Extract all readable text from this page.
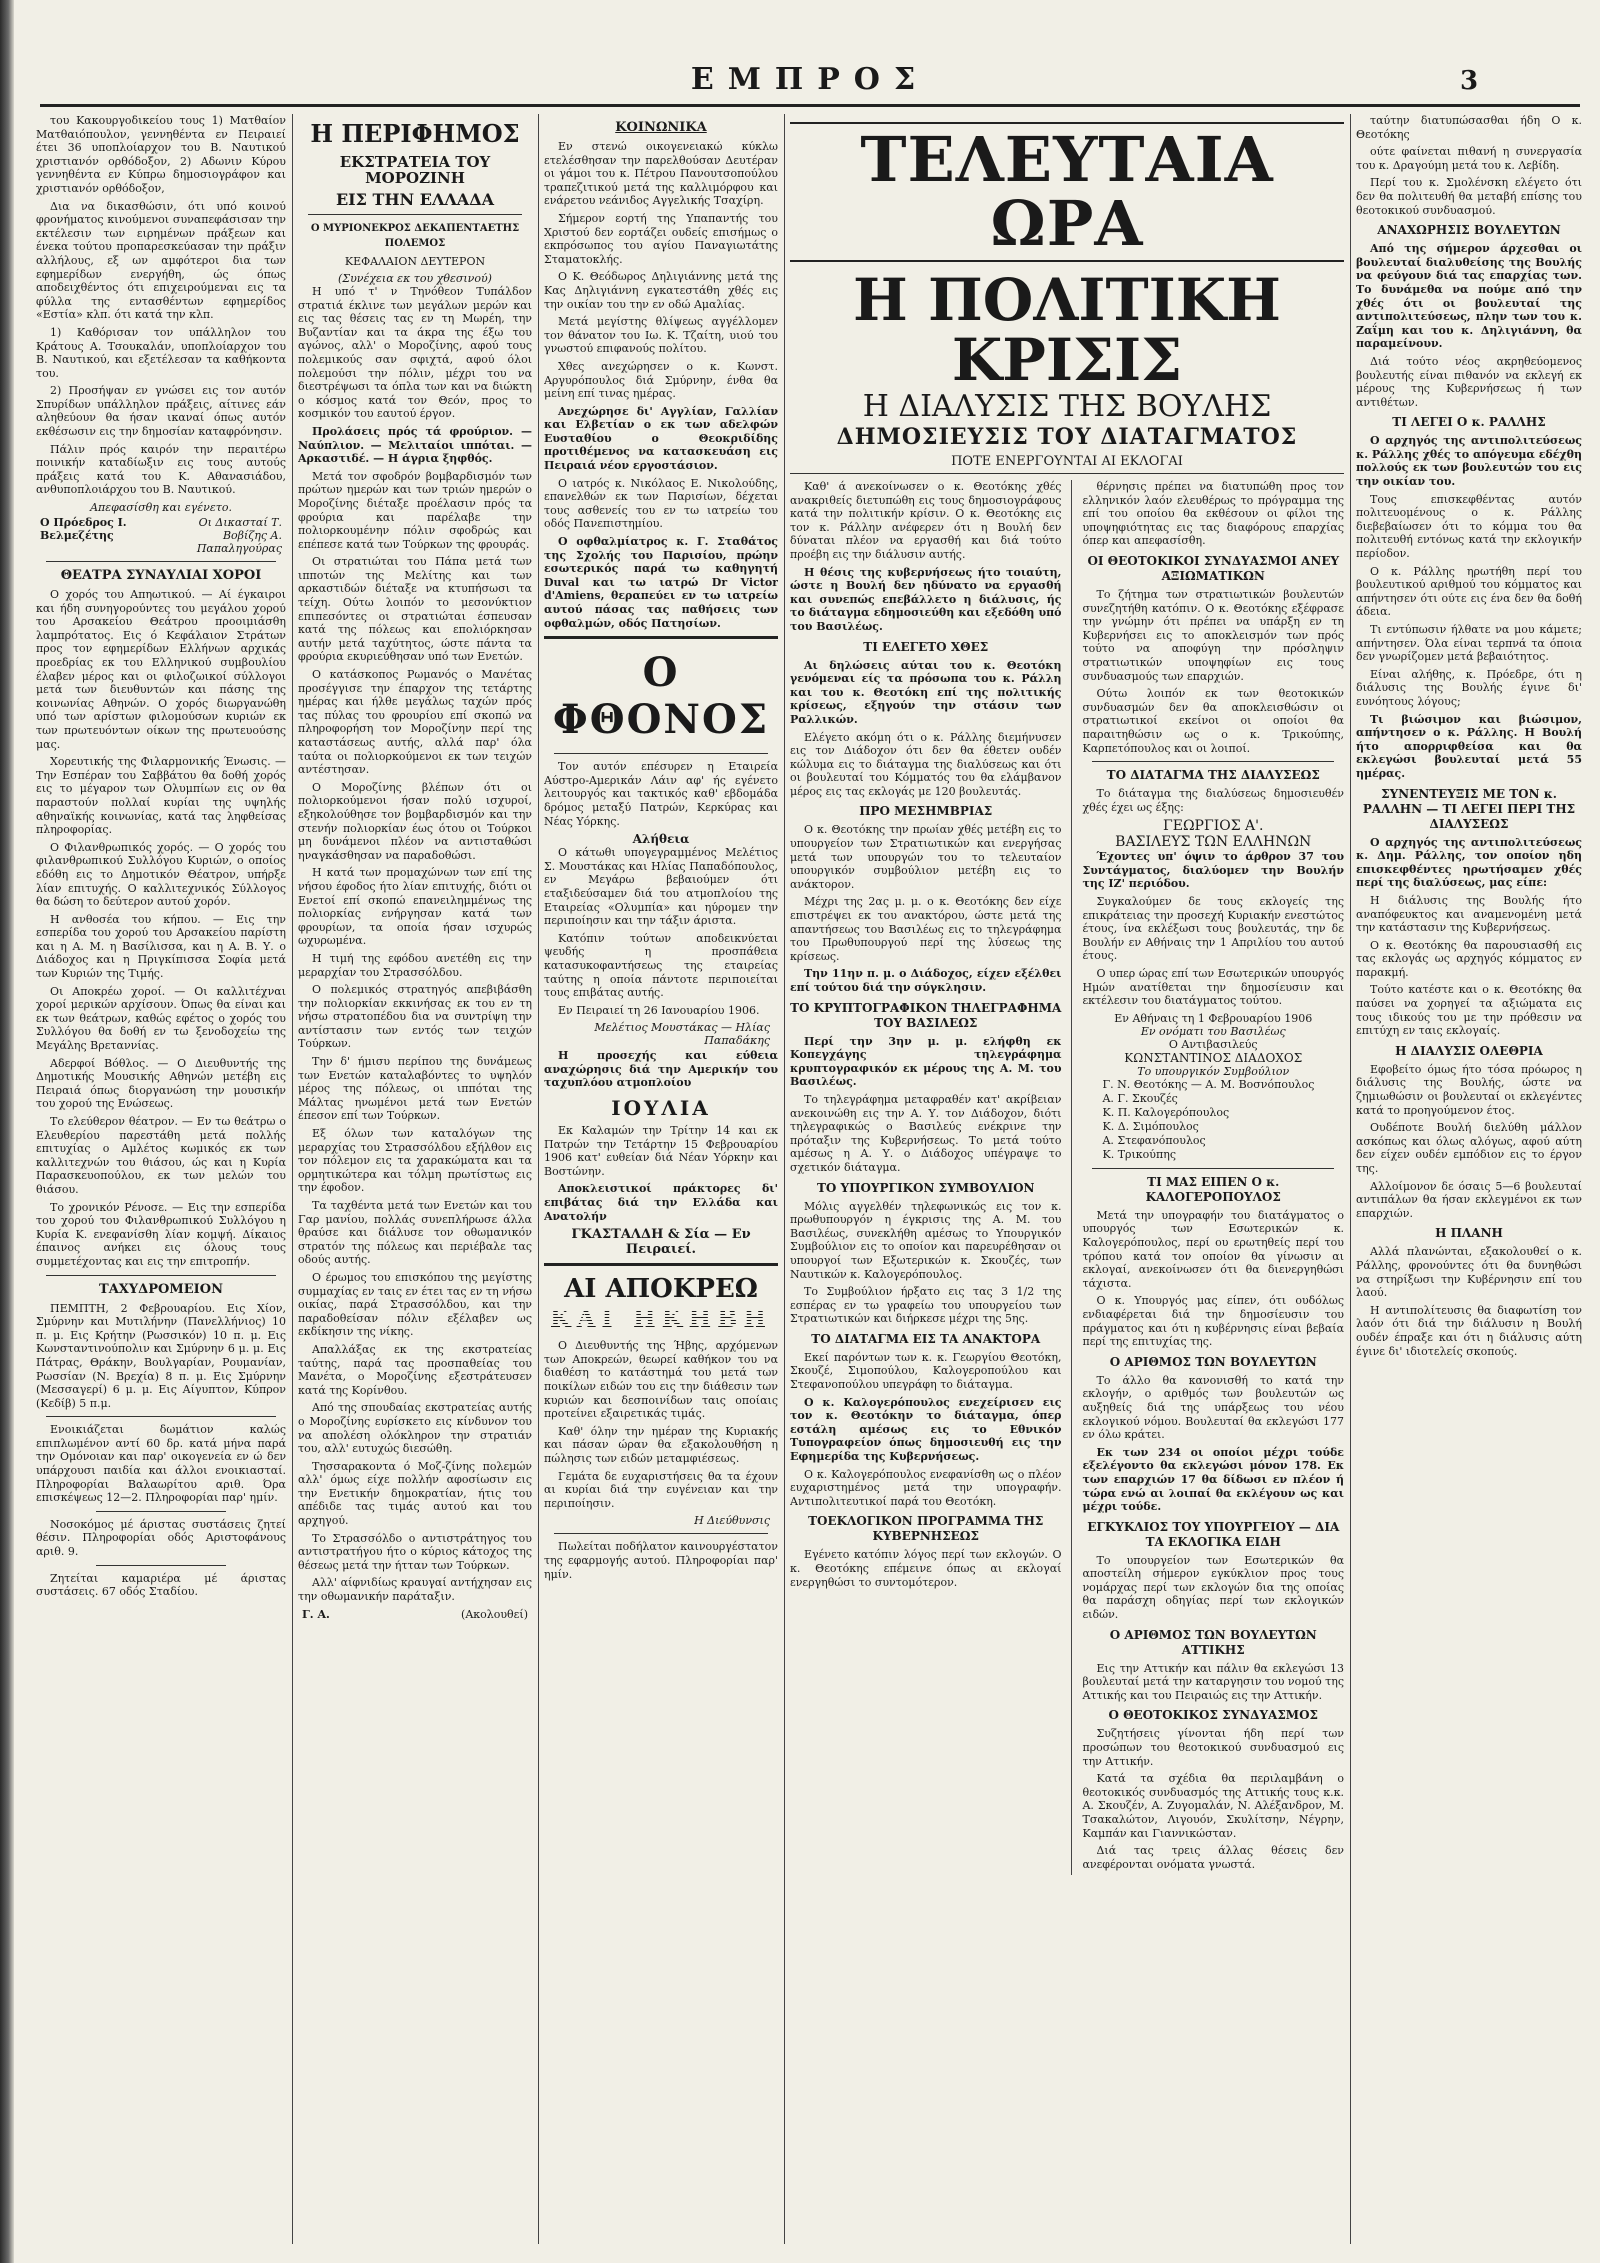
ΕΜΠΡΟΣ	3

του Κακουργοδικείου τους 1) Ματθαίον Ματθαιόπουλον, γεννηθέντα εν Πειραιεί έτει 36 υποπλοίαρχον του Β. Ναυτικού χριστιανόν ορθόδοξον, 2) Αδωνιν Κύρου γεννηθέντα εν Κύπρω δημοσιογράφον και χριστιανόν ορθόδοξον,

Δια να δικασθώσιν, ότι υπό κοινού φρονήματος κινούμενοι συναπεφάσισαν την εκτέλεσιν των ειρημένων πράξεων και ένεκα τούτου προπαρεσκεύασαν την πράξιν αλλήλους, εξ ων αμφότεροι δια των εφημερίδων ενεργήθη, ώς όπως αποδειχθέντος ότι επιχειρούμεναι εις τα φύλλα της εντασθέντων εφημερίδος «Εστία» κλπ. ότι κατά την κλπ.

1) Καθόρισαν τον υπάλληλον του Κράτους Α. Τσουκαλάν, υποπλοίαρχον του Β. Ναυτικού, και εξετέλεσαν τα καθήκοντα του.

2) Προσήψαν εν γνώσει εις τον αυτόν Σπυρίδων υπάλληλον πράξεις, αίτινες εάν αληθεύουν θα ήσαν ικαναί όπως αυτόν εκθέσωσιν εις την δημοσίαν καταφρόνησιν.

Πάλιν πρός καιρόν την περαιτέρω ποινικήν καταδίωξιν εις τους αυτούς πράξεις κατά του Κ. Αθανασιάδου, ανθυποπλοιάρχου του Β. Ναυτικού.

Απεφασίσθη και εγένετο.
Ο Πρόεδρος Ι. Βελμεζέτης
Οι Δικασταί Τ. Βοβίζης Α. Παπαληγούρας
ΘΕΑΤΡΑ ΣΥΝΑΥΛΙΑΙ ΧΟΡΟΙ

Ο χορός του Απηωτικού. — Αί έγκαιροι και ήδη συνηγορούντες του μεγάλου χορού του Αρσακείου Θεάτρου προοιμιάσθη λαμπρότατος. Εις ό Κεφάλαιον Στράτων προς τον εφημερίδων Ελλήνων αρχικάς προεδρίας εκ του Ελληνικού συμβουλίου έλαβεν μέρος και οι φιλοζωικοί σύλλογοι μετά των διευθυντών και πάσης της κοινωνίας Αθηνών. Ο χορός διωργανώθη υπό των αρίστων φιλομούσων κυριών εκ των πρωτευόντων οίκων της πρωτευούσης μας.

Χορευτικής της Φιλαρμονικής Ένωσις. — Την Εσπέραν του Σαββάτου θα δοθή χορός εις το μέγαρον των Ολυμπίων εις ον θα παραστούν πολλαί κυρίαι της υψηλής αθηναϊκής κοινωνίας, κατά τας ληφθείσας πληροφορίας.

Ο Φιλανθρωπικός χορός. — Ο χορός του φιλανθρωπικού Συλλόγου Κυριών, ο οποίος εδόθη εις το Δημοτικόν Θέατρον, υπήρξε λίαν επιτυχής. Ο καλλιτεχνικός Σύλλογος θα δώση το δεύτερον αυτού χορόν.

Η ανθοσέα του κήπου. — Εις την εσπερίδα του χορού του Αρσακείου παρίστη και η Α. Μ. η Βασίλισσα, και η Α. Β. Υ. ο Διάδοχος και η Πριγκίπισσα Σοφία μετά των Κυριών της Τιμής.

Οι Αποκρέω χοροί. — Οι καλλιτέχναι χοροί μερικών αρχίσουν. Όπως θα είναι και εκ των θεάτρων, καθώς εφέτος ο χορός του Συλλόγου θα δοθή εν τω ξενοδοχείω της Μεγάλης Βρεταννίας.

Αδερφοί Βόθλος. — Ο Διευθυντής της Δημοτικής Μουσικής Αθηνών μετέβη εις Πειραιά όπως διοργανώση την μουσικήν του χορού της Ενώσεως.

Το ελεύθερον θέατρον. — Εν τω θεάτρω ο Ελευθερίου παρεστάθη μετά πολλής επιτυχίας ο Αμλέτος κωμικός εκ των καλλιτεχνών του θιάσου, ώς και η Κυρία Παρασκευοπούλου, εκ των μελών του θιάσου.

Το χρονικόν Ρένοσε. — Εις την εσπερίδα του χορού του Φιλανθρωπικού Συλλόγου η Κυρία Κ. ενεφανίσθη λίαν κομψή. Δίκαιος έπαινος ανήκει εις όλους τους συμμετέχοντας και εις την επιτροπήν.

ΤΑΧΥΔΡΟΜΕΙΟΝ

ΠΕΜΠΤΗ, 2 Φεβρουαρίου. Εις Χίον, Σμύρνην και Μυτιλήνην (Πανελλήνιος) 10 π. μ. Εις Κρήτην (Ρωσσικόν) 10 π. μ. Εις Κωνσταντινούπολιν και Σμύρνην 6 μ. μ. Εις Πάτρας, Θράκην, Βουλγαρίαν, Ρουμανίαν, Ρωσσίαν (Ν. Βρεχία) 8 π. μ. Εις Σμύρνην (Μεσσαγερί) 6 μ. μ. Εις Αίγυπτον, Κύπρον (Κεδίβ) 5 π.μ.

Ενοικιάζεται δωμάτιον καλώς επιπλωμένον αντί 60 δρ. κατά μήνα παρά την Ομόνοιαν και παρ' οικογενεία εν ώ δεν υπάρχουσι παιδία και άλλοι ενοικιασταί. Πληροφορίαι Βαλαωρίτου αριθ. Όρα επισκέψεως 12—2. Πληροφορίαι παρ' ημίν.

Νοσοκόμος μέ άριστας συστάσεις ζητεί θέσιν. Πληροφορίαι οδός Αριστοφάνους αριθ. 9.

Ζητείται καμαριέρα μέ άριστας συστάσεις. 67 οδός Σταδίου.

Η ΠΕΡΙΦΗΜΟΣ
ΕΚΣΤΡΑΤΕΙΑ ΤΟΥ ΜΟΡΟΖΙΝΗ
ΕΙΣ ΤΗΝ ΕΛΛΑΔΑ
Ο ΜΥΡΙΟΝΕΚΡΟΣ ΔΕΚΑΠΕΝΤΑΕΤΗΣ ΠΟΛΕΜΟΣ
ΚΕΦΑΛΑΙΟΝ ΔΕΥΤΕΡΟΝ
(Συνέχεια εκ του χθεσινού)

Η υπό τ' ν Τηνόθεον Τυπάλδον στρατιά έκλινε των μεγάλων μερών και εις τας θέσεις τας εν τη Μωρέη, την Βυζαντίαν και τα άκρα της έξω του αγώνος, αλλ' ο Μοροζίνης, αφού τους πολεμικούς σαν σφιχτά, αφού όλοι πολεμούσι την πόλιν, μέχρι του να διεστρέψωσι τα όπλα των και να διώκτη ο κόσμος κατά τον Θεόν, προς το κοσμικόν του εαυτού έργον.

Προλάσεις πρός τά φρούριον. — Ναύπλιον. — Μελιταίοι ιππόται. — Αρκαστιδέ. — Η άγρια ξηφθός.

Μετά τον σφοδρόν βομβαρδισμόν των πρώτων ημερών και των τριών ημερών ο Μοροζίνης διέταξε προέλασιν πρός τα φρούρια και παρέλαβε την πολιορκουμένην πόλιν σφοδρώς και επέπεσε κατά των Τούρκων της φρουράς.

Οι στρατιώται του Πάπα μετά των ιπποτών της Μελίτης και των αρκαστιδών διέταξε να κτυπήσωσι τα τείχη. Ούτω λοιπόν το μεσονύκτιον επιπεσόντες οι στρατιώται έσπευσαν κατά της πόλεως και επολιόρκησαν αυτήν μετά ταχύτητος, ώστε πάντα τα φρούρια εκυριεύθησαν υπό των Ενετών.

Ο κατάσκοπος Ρωμανός ο Μανέτας προσέγγισε την έπαρχον της τετάρτης ημέρας και ήλθε μεγάλως ταχών πρός τας πύλας του φρουρίου επί σκοπώ να πληροφορήση τον Μοροζίνην περί της καταστάσεως αυτής, αλλά παρ' όλα ταύτα οι πολιορκούμενοι εκ των τειχών αντέστησαν.

Ο Μοροζίνης βλέπων ότι οι πολιορκούμενοι ήσαν πολύ ισχυροί, εξηκολούθησε τον βομβαρδισμόν και την στενήν πολιορκίαν έως ότου οι Τούρκοι μη δυνάμενοι πλέον να αντισταθώσι ηναγκάσθησαν να παραδοθώσι.

Η κατά των προμαχώνων των επί της νήσου έφοδος ήτο λίαν επιτυχής, διότι οι Ενετοί επί σκοπώ επανειλημμένως της πολιορκίας ενήργησαν κατά των φρουρίων, τα οποία ήσαν ισχυρώς ωχυρωμένα.

Η τιμή της εφόδου ανετέθη εις την μεραρχίαν του Στρασσόλδου.

Ο πολεμικός στρατηγός απεβιβάσθη την πολιορκίαν εκκινήσας εκ του εν τη νήσω στρατοπέδου δια να συντρίψη την αντίστασιν των εντός των τειχών Τούρκων.

Την δ' ήμισυ περίπου της δυνάμεως των Ενετών καταλαβόντες το υψηλόν μέρος της πόλεως, οι ιππόται της Μάλτας ηνωμένοι μετά των Ενετών έπεσον επί των Τούρκων.

Εξ όλων των καταλόγων της μεραρχίας του Στρασσόλδου εξήλθον εις τον πόλεμον εις τα χαρακώματα και τα ορμητικώτερα και τόλμη πρωτίστως εις την έφοδον.

Τα ταχθέντα μετά των Ενετών και του Γαρ μανίου, πολλάς συνεπλήρωσε άλλα θραύσε και διάλυσε τον οθωμανικόν στρατόν της πόλεως και περιέβαλε τας οδούς αυτής.

Ο έρωμος του επισκόπου της μεγίστης συμμαχίας εν ταις εν έτει τας εν τη νήσω οικίας, παρά Στρασσόλδου, και την παραδοθείσαν πόλιν εξέλαβεν ως εκδίκησιν της νίκης.

Απαλλάξας εκ της εκστρατείας ταύτης, παρά τας προσπαθείας του Μανέτα, ο Μοροζίνης εξεστράτευσεν κατά της Κορίνθου.

Από της σπουδαίας εκστρατείας αυτής ο Μοροζίνης ευρίσκετο εις κίνδυνον του να απολέση ολόκληρον την στρατιάν του, αλλ' ευτυχώς διεσώθη.

Τησσαρακοντα ό Μοζ-ζίνης πολεμών αλλ' όμως είχε πολλήν αφοσίωσιν εις την Ενετικήν δημοκρατίαν, ήτις του απέδιδε τας τιμάς αυτού και του αρχηγού.

Το Στρασσόλδο ο αντιστράτηγος του αντιστρατήγου ήτο ο κύριος κάτοχος της θέσεως μετά την ήτταν των Τούρκων.

Αλλ' αίφνιδίως κραυγαί αντήχησαν εις την οθωμανικήν παράταξιν.

Γ. Α.	(Ακολουθεί)
ΚΟΙΝΩΝΙΚΑ

Εν στενώ οικογενειακώ κύκλω ετελέσθησαν την παρελθούσαν Δευτέραν οι γάμοι του κ. Πέτρου Πανουτσοπούλου τραπεζιτικού μετά της καλλιμόρφου και ενάρετου νεάνιδος Αγγελικής Τσαχίρη.

Σήμερον εορτή της Υπαπαντής του Χριστού δεν εορτάζει ουδείς επισήμως ο εκπρόσωπος του αγίου Παναγιωτάτης Σταματοκλής.

Ο Κ. Θεόδωρος Δηλιγιάννης μετά της Κας Δηλιγιάννη εγκατεστάθη χθές εις την οικίαν του την εν οδώ Αμαλίας.

Μετά μεγίστης θλίψεως αγγέλλομεν τον θάνατον του Ιω. Κ. Τζαίτη, υιού του γνωστού επιφανούς πολίτου.

Χθες ανεχώρησεν ο κ. Κωνστ. Αργυρόπουλος διά Σμύρνην, ένθα θα μείνη επί τινας ημέρας.

Ανεχώρησε δι' Αγγλίαν, Γαλλίαν και Ελβετίαν ο εκ των αδελφών Ευσταθίου ο Θεοκριδίδης προτιθέμενος να κατασκευάση εις Πειραιά νέον εργοστάσιον.

Ο ιατρός κ. Νικόλαος Ε. Νικολούδης, επανελθών εκ των Παρισίων, δέχεται τους ασθενείς του εν τω ιατρείω του οδός Πανεπιστημίου.

Ο οφθαλμίατρος κ. Γ. Σταθάτος της Σχολής του Παρισίου, πρώην εσωτερικός παρά τω καθηγητή Duval και τω ιατρώ Dr Victor d'Amiens, θεραπεύει εν τω ιατρείω αυτού πάσας τας παθήσεις των οφθαλμών, οδός Πατησίων.

Ο ΦΘΟΝΟΣ

Τον αυτόν επέσυρεν η Εταιρεία Αύστρο-Αμερικάν Λάιν αφ' ής εγένετο λειτουργός και τακτικός καθ' εβδομάδα δρόμος μεταξύ Πατρών, Κερκύρας και Νέας Υόρκης.

Αλήθεια

Ο κάτωθι υπογεγραμμένος Μελέτιος Σ. Μουστάκας και Ηλίας Παπαδόπουλος, εν Μεγάρω βεβαιούμεν ότι εταξιδεύσαμεν διά του ατμοπλοίου της Εταιρείας «Ολυμπία» και ηύρομεν την περιποίησιν και την τάξιν άριστα.

Κατόπιν τούτων αποδεικνύεται ψευδής η προσπάθεια κατασυκοφαντήσεως της εταιρείας ταύτης η οποία πάντοτε περιποιείται τους επιβάτας αυτής.

Εν Πειραιεί τη 26 Ιανουαρίου 1906.

Μελέτιος Μουστάκας — Ηλίας Παπαδάκης

Η προσεχής και εύθεια αναχώρησις διά την Αμερικήν του ταχυπλόου ατμοπλοίου

ΙΟΥΛΙΑ

Εκ Καλαμών την Τρίτην 14 και εκ Πατρών την Τετάρτην 15 Φεβρουαρίου 1906 κατ' ευθείαν διά Νέαν Υόρκην και Βοστώνην.

Αποκλειστικοί πράκτορες δι' επιβάτας διά την Ελλάδα και Ανατολήν

ΓΚΑΣΤΑΛΔΗ & Σία — Εν Πειραιεί.
ΑΙ ΑΠΟΚΡΕΩ
ΚΑΙ ΗΚΗΒΗ

Ο Διευθυντής της Ήβης, αρχόμενων των Αποκρεών, θεωρεί καθήκον του να διαθέση το κατάστημά του μετά των ποικίλων ειδών του εις την διάθεσιν των κυριών και δεσποινίδων ταις οποίαις προτείνει εξαιρετικάς τιμάς.

Καθ' όλην την ημέραν της Κυριακής και πάσαν ώραν θα εξακολουθήση η πώλησις των ειδών μεταμφιέσεως.

Γεμάτα δε ευχαριστήσεις θα τα έχουν αι κυρίαι διά την ευγένειαν και την περιποίησιν.

Η Διεύθυνσις

Πωλείται ποδήλατον καινουργέστατον της εφαρμογής αυτού. Πληροφορίαι παρ' ημίν.

ΤΕΛΕΥΤΑΙΑ ΩΡΑ
Η ΠΟΛΙΤΙΚΗ ΚΡΙΣΙΣ
Η ΔΙΑΛΥΣΙΣ ΤΗΣ ΒΟΥΛΗΣ
ΔΗΜΟΣΙΕΥΣΙΣ ΤΟΥ ΔΙΑΤΑΓΜΑΤΟΣ
ΠΟΤΕ ΕΝΕΡΓΟΥΝΤΑΙ ΑΙ ΕΚΛΟΓΑΙ

Καθ' ά ανεκοίνωσεν ο κ. Θεοτόκης χθές ανακριθείς διετυπώθη εις τους δημοσιογράφους κατά την πολιτικήν κρίσιν. Ο κ. Θεοτόκης εις τον κ. Ράλλην ανέφερεν ότι η Βουλή δεν δύναται πλέον να εργασθή και διά τούτο προέβη εις την διάλυσιν αυτής.

Η θέσις της κυβερνήσεως ήτο τοιαύτη, ώστε η Βουλή δεν ηδύνατο να εργασθή και συνεπώς επεβάλλετο η διάλυσις, ής το διάταγμα εδημοσιεύθη και εξεδόθη υπό του Βασιλέως.

ΤΙ ΕΛΕΓΕΤΟ ΧΘΕΣ

Αι δηλώσεις αύται του κ. Θεοτόκη γενόμεναι είς τα πρόσωπα του κ. Ράλλη και του κ. Θεοτόκη επί της πολιτικής κρίσεως, εξηγούν την στάσιν των Ραλλικών.

Ελέγετο ακόμη ότι ο κ. Ράλλης διεμήνυσεν εις τον Διάδοχον ότι δεν θα έθετεν ουδέν κώλυμα εις το διάταγμα της διαλύσεως και ότι οι βουλευταί του Κόμματός του θα ελάμβανον μέρος εις τας εκλογάς με 120 βουλευτάς.

ΠΡΟ ΜΕΣΗΜΒΡΙΑΣ

Ο κ. Θεοτόκης την πρωίαν χθές μετέβη εις το υπουργείον των Στρατιωτικών και ενεργήσας μετά των υπουργών του το τελευταίον υπουργικόν συμβούλιον μετέβη εις το ανάκτορον.

Μέχρι της 2ας μ. μ. ο κ. Θεοτόκης δεν είχε επιστρέψει εκ του ανακτόρου, ώστε μετά της απαντήσεως του Βασιλέως εις το τηλεγράφημα του Πρωθυπουργού περί της λύσεως της κρίσεως.

Την 11ην π. μ. ο Διάδοχος, είχεν εξέλθει επί τούτου διά την σύγκλησιν.

ΤΟ ΚΡΥΠΤΟΓΡΑΦΙΚΟΝ ΤΗΛΕΓΡΑΦΗΜΑ ΤΟΥ ΒΑΣΙΛΕΩΣ

Περί την 3ην μ. μ. ελήφθη εκ Κοπεγχάγης τηλεγράφημα κρυπτογραφικόν εκ μέρους της Α. Μ. του Βασιλέως.

Το τηλεγράφημα μεταφραθέν κατ' ακρίβειαν ανεκοινώθη εις την Α. Υ. τον Διάδοχον, διότι τηλεγραφικώς ο Βασιλεύς ενέκρινε την πρόταξιν της Κυβερνήσεως. Το μετά τούτο αμέσως η Α. Υ. ο Διάδοχος υπέγραψε το σχετικόν διάταγμα.

ΤΟ ΥΠΟΥΡΓΙΚΟΝ ΣΥΜΒΟΥΛΙΟΝ

Μόλις αγγελθέν τηλεφωνικώς εις τον κ. πρωθυπουργόν η έγκρισις της Α. Μ. του Βασιλέως, συνεκλήθη αμέσως το Υπουργικόν Συμβούλιον εις το οποίον και παρευρέθησαν οι υπουργοί των Εξωτερικών κ. Σκουζές, των Ναυτικών κ. Καλογερόπουλος.

Το Συμβούλιον ήρξατο εις τας 3 1/2 της εσπέρας εν τω γραφείω του υπουργείου των Στρατιωτικών και διήρκεσε μέχρι της 5ης.

ΤΟ ΔΙΑΤΑΓΜΑ ΕΙΣ ΤΑ ΑΝΑΚΤΟΡΑ

Εκεί παρόντων των κ. κ. Γεωργίου Θεοτόκη, Σκουζέ, Σιμοπούλου, Καλογεροπούλου και Στεφανοπούλου υπεγράφη το διάταγμα.

Ο κ. Καλογερόπουλος ενεχείρισεν εις τον κ. Θεοτόκην το διάταγμα, όπερ εστάλη αμέσως εις το Εθνικόν Τυπογραφείον όπως δημοσιευθή εις την Εφημερίδα της Κυβερνήσεως.

Ο κ. Καλογερόπουλος ενεφανίσθη ως ο πλέον ευχαριστημένος μετά την υπογραφήν. Αντιπολιτευτικοί παρά του Θεοτόκη.

ΤΟΕΚΛΟΓΙΚΟΝ ΠΡΟΓΡΑΜΜΑ ΤΗΣ ΚΥΒΕΡΝΗΣΕΩΣ

Εγένετο κατόπιν λόγος περί των εκλογών. Ο κ. Θεοτόκης επέμεινε όπως αι εκλογαί ενεργηθώσι το συντομότερον.

θέρνησις πρέπει να διατυπώθη προς τον ελληνικόν λαόν ελευθέρως το πρόγραμμα της επί του οποίου θα εκθέσουν οι φίλοι της υποψηφιότητας εις τας διαφόρους επαρχίας όπερ και απεφασίσθη.

ΟΙ ΘΕΟΤΟΚΙΚΟΙ ΣΥΝΔΥΑΣΜΟΙ ΑΝΕΥ ΑΞΙΩΜΑΤΙΚΩΝ

Το ζήτημα των στρατιωτικών βουλευτών συνεζητήθη κατόπιν. Ο κ. Θεοτόκης εξέφρασε την γνώμην ότι πρέπει να υπάρξη εν τη Κυβερνήσει εις το αποκλεισμόν των πρός τούτο να αποφύγη την πρόσληψιν στρατιωτικών υποψηφίων εις τους συνδυασμούς των επαρχιών.

Ούτω λοιπόν εκ των θεοτοκικών συνδυασμών δεν θα αποκλεισθώσιν οι στρατιωτικοί εκείνοι οι οποίοι θα παραιτηθώσιν ως ο κ. Τρικούπης, Καρπετόπουλος και οι λοιποί.

ΤΟ ΔΙΑΤΑΓΜΑ ΤΗΣ ΔΙΑΛΥΣΕΩΣ

Το διάταγμα της διαλύσεως δημοσιευθέν χθές έχει ως έξης:

ΓΕΩΡΓΙΟΣ Α'.
ΒΑΣΙΛΕΥΣ ΤΩΝ ΕΛΛΗΝΩΝ

Έχοντες υπ' όψιν το άρθρον 37 του Συντάγματος, διαλύομεν την Βουλήν της ΙΖ' περιόδου.

Συγκαλούμεν δε τους εκλογείς της επικράτειας την προσεχή Κυριακήν ενεστώτος έτους, ίνα εκλέξωσι τους βουλευτάς, την δε Βουλήν εν Αθήναις την 1 Απριλίου του αυτού έτους.

Ο υπερ ώρας επί των Εσωτερικών υπουργός Ημών ανατίθεται την δημοσίευσιν και εκτέλεσιν του διατάγματος τούτου.

Εν Αθήναις τη 1 Φεβρουαρίου 1906
Εν ονόματι του Βασιλέως
Ο Αντιβασιλεύς
ΚΩΝΣΤΑΝΤΙΝΟΣ ΔΙΑΔΟΧΟΣ
Το υπουργικόν Συμβούλιον
Γ. Ν. Θεοτόκης — Α. Μ. Βοσνόπουλος
Α. Γ. Σκουζές
Κ. Π. Καλογερόπουλος
Κ. Δ. Σιμόπουλος
Α. Στεφανόπουλος
Κ. Τρικούπης
ΤΙ ΜΑΣ ΕΙΠΕΝ Ο κ. ΚΑΛΟΓΕΡΟΠΟΥΛΟΣ

Μετά την υπογραφήν του διατάγματος ο υπουργός των Εσωτερικών κ. Καλογερόπουλος, περί ου ερωτηθείς περί του τρόπου κατά τον οποίον θα γίνωσιν αι εκλογαί, ανεκοίνωσεν ότι θα διενεργηθώσι τάχιστα.

Ο κ. Υπουργός μας είπεν, ότι ουδόλως ενδιαφέρεται διά την δημοσίευσιν του πράγματος και ότι η κυβέρνησις είναι βεβαία περί της επιτυχίας της.

Ο ΑΡΙΘΜΟΣ ΤΩΝ ΒΟΥΛΕΥΤΩΝ

Το άλλο θα κανονισθή το κατά την εκλογήν, ο αριθμός των βουλευτών ως αυξηθείς διά της υπάρξεως του νέου εκλογικού νόμου. Βουλευταί θα εκλεγώσι 177 εν όλω κράτει.

Εκ των 234 οι οποίοι μέχρι τούδε εξελέγοντο θα εκλεγώσι μόνον 178. Εκ των επαρχιών 17 θα δίδωσι εν πλέον ή τώρα ενώ αι λοιπαί θα εκλέγουν ως και μέχρι τούδε.

ΕΓΚΥΚΛΙΟΣ ΤΟΥ ΥΠΟΥΡΓΕΙΟΥ — ΔΙΑ ΤΑ ΕΚΛΟΓΙΚΑ ΕΙΔΗ

Το υπουργείον των Εσωτερικών θα αποστείλη σήμερον εγκύκλιον προς τους νομάρχας περί των εκλογών δια της οποίας θα παράσχη οδηγίας περί των εκλογικών ειδών.

Ο ΑΡΙΘΜΟΣ ΤΩΝ ΒΟΥΛΕΥΤΩΝ ΑΤΤΙΚΗΣ

Εις την Αττικήν και πάλιν θα εκλεγώσι 13 βουλευταί μετά την καταργησιν του νομού της Αττικής και του Πειραιώς εις την Αττικήν.

Ο ΘΕΟΤΟΚΙΚΟΣ ΣΥΝΔΥΑΣΜΟΣ

Συζητήσεις γίνονται ήδη περί των προσώπων του θεοτοκικού συνδυασμού εις την Αττικήν.

Κατά τα σχέδια θα περιλαμβάνη ο θεοτοκικός συνδυασμός της Αττικής τους κ.κ. Α. Σκουζέν, Α. Ζυγομαλάν, Ν. Αλέξανδρον, Μ. Τσακαλώτον, Λιγουόν, Σκυλίτσην, Νέγρην, Καμπάν και Γιαννικώσταν.

Διά τας τρεις άλλας θέσεις δεν ανεφέρονται ονόματα γνωστά.

ταύτην διατυπώσασθαι ήδη Ο κ. Θεοτόκης

ούτε φαίνεται πιθανή η συνεργασία του κ. Δραγούμη μετά του κ. Λεβίδη.

Περί του κ. Σμολένσκη ελέγετο ότι δεν θα πολιτευθή θα μεταβή επίσης του θεοτοκικού συνδυασμού.

ΑΝΑΧΩΡΗΣΙΣ ΒΟΥΛΕΥΤΩΝ

Από της σήμερον άρχεσθαι οι βουλευταί διαλυθείσης της Βουλής να φεύγουν διά τας επαρχίας των. Το δυνάμεθα να πούμε από την χθές ότι οι βουλευταί της αντιπολιτεύσεως, πλην των του κ. Ζαΐμη και του κ. Δηλιγιάννη, θα παραμείνουν.

Διά τούτο νέος ακρηθεύομενος βουλευτής είναι πιθανόν να εκλεγή εκ μέρους της Κυβερνήσεως ή των αντιθέτων.

ΤΙ ΛΕΓΕΙ Ο κ. ΡΑΛΛΗΣ

Ο αρχηγός της αντιπολιτεύσεως κ. Ράλλης χθές το απόγευμα εδέχθη πολλούς εκ των βουλευτών του εις την οικίαν του.

Τους επισκεφθέντας αυτόν πολιτευομένους ο κ. Ράλλης διεβεβαίωσεν ότι το κόμμα του θα πολιτευθή εντόνως κατά την εκλογικήν περίοδον.

Ο κ. Ράλλης ηρωτήθη περί του βουλευτικού αριθμού του κόμματος και απήντησεν ότι ούτε εις ένα δεν θα δοθή άδεια.

Τι εντύπωσιν ήλθατε να μου κάμετε; απήντησεν. Όλα είναι τερπνά τα όποια δεν γνωρίζομεν μετά βεβαιότητος.

Είναι αλήθης, κ. Πρόεδρε, ότι η διάλυσις της Βουλής έγινε δι' ευνόητους λόγους;

Τι βιώσιμον και βιώσιμον, απήντησεν ο κ. Ράλλης. Η Βουλή ήτο απορριφθείσα και θα εκλεγώσι βουλευταί μετά 55 ημέρας.

ΣΥΝΕΝΤΕΥΞΙΣ ΜΕ ΤΟΝ κ. ΡΑΛΛΗΝ — ΤΙ ΛΕΓΕΙ ΠΕΡΙ ΤΗΣ ΔΙΑΛΥΣΕΩΣ

Ο αρχηγός της αντιπολιτεύσεως κ. Δημ. Ράλλης, τον οποίον ηδη επισκεφθέντες ηρωτήσαμεν χθές περί της διαλύσεως, μας είπε:

Η διάλυσις της Βουλής ήτο αναπόφευκτος και αναμενομένη μετά την κατάστασιν της Κυβερνήσεως.

Ο κ. Θεοτόκης θα παρουσιασθή εις τας εκλογάς ως αρχηγός κόμματος εν παρακμή.

Τούτο κατέστε και ο κ. Θεοτόκης θα παύσει να χορηγεί τα αξιώματα εις τους ιδικούς του με την πρόθεσιν να επιτύχη εν ταις εκλογαίς.

Η ΔΙΑΛΥΣΙΣ ΟΛΕΘΡΙΑ

Εφοβείτο όμως ήτο τόσα πρόωρος η διάλυσις της Βουλής, ώστε να ζημιωθώσιν οι βουλευταί οι εκλεγέντες κατά το προηγούμενον έτος.

Ουδέποτε Βουλή διελύθη μάλλον ασκόπως και όλως αλόγως, αφού αύτη δεν είχεν ουδέν εμπόδιον εις το έργον της.

Αλλοίμονον δε όσαις 5—6 βουλευταί αντιπάλων θα ήσαν εκλεγμένοι εκ των επαρχιών.

Η ΠΛΑΝΗ

Αλλά πλανώνται, εξακολουθεί ο κ. Ράλλης, φρονούντες ότι θα δυνηθώσι να στηρίξωσι την Κυβέρνησιν επί του λαού.

Η αντιπολίτευσις θα διαφωτίση τον λαόν ότι διά την διάλυσιν η Βουλή ουδέν έπραξε και ότι η διάλυσις αύτη έγινε δι' ιδιοτελείς σκοπούς.
